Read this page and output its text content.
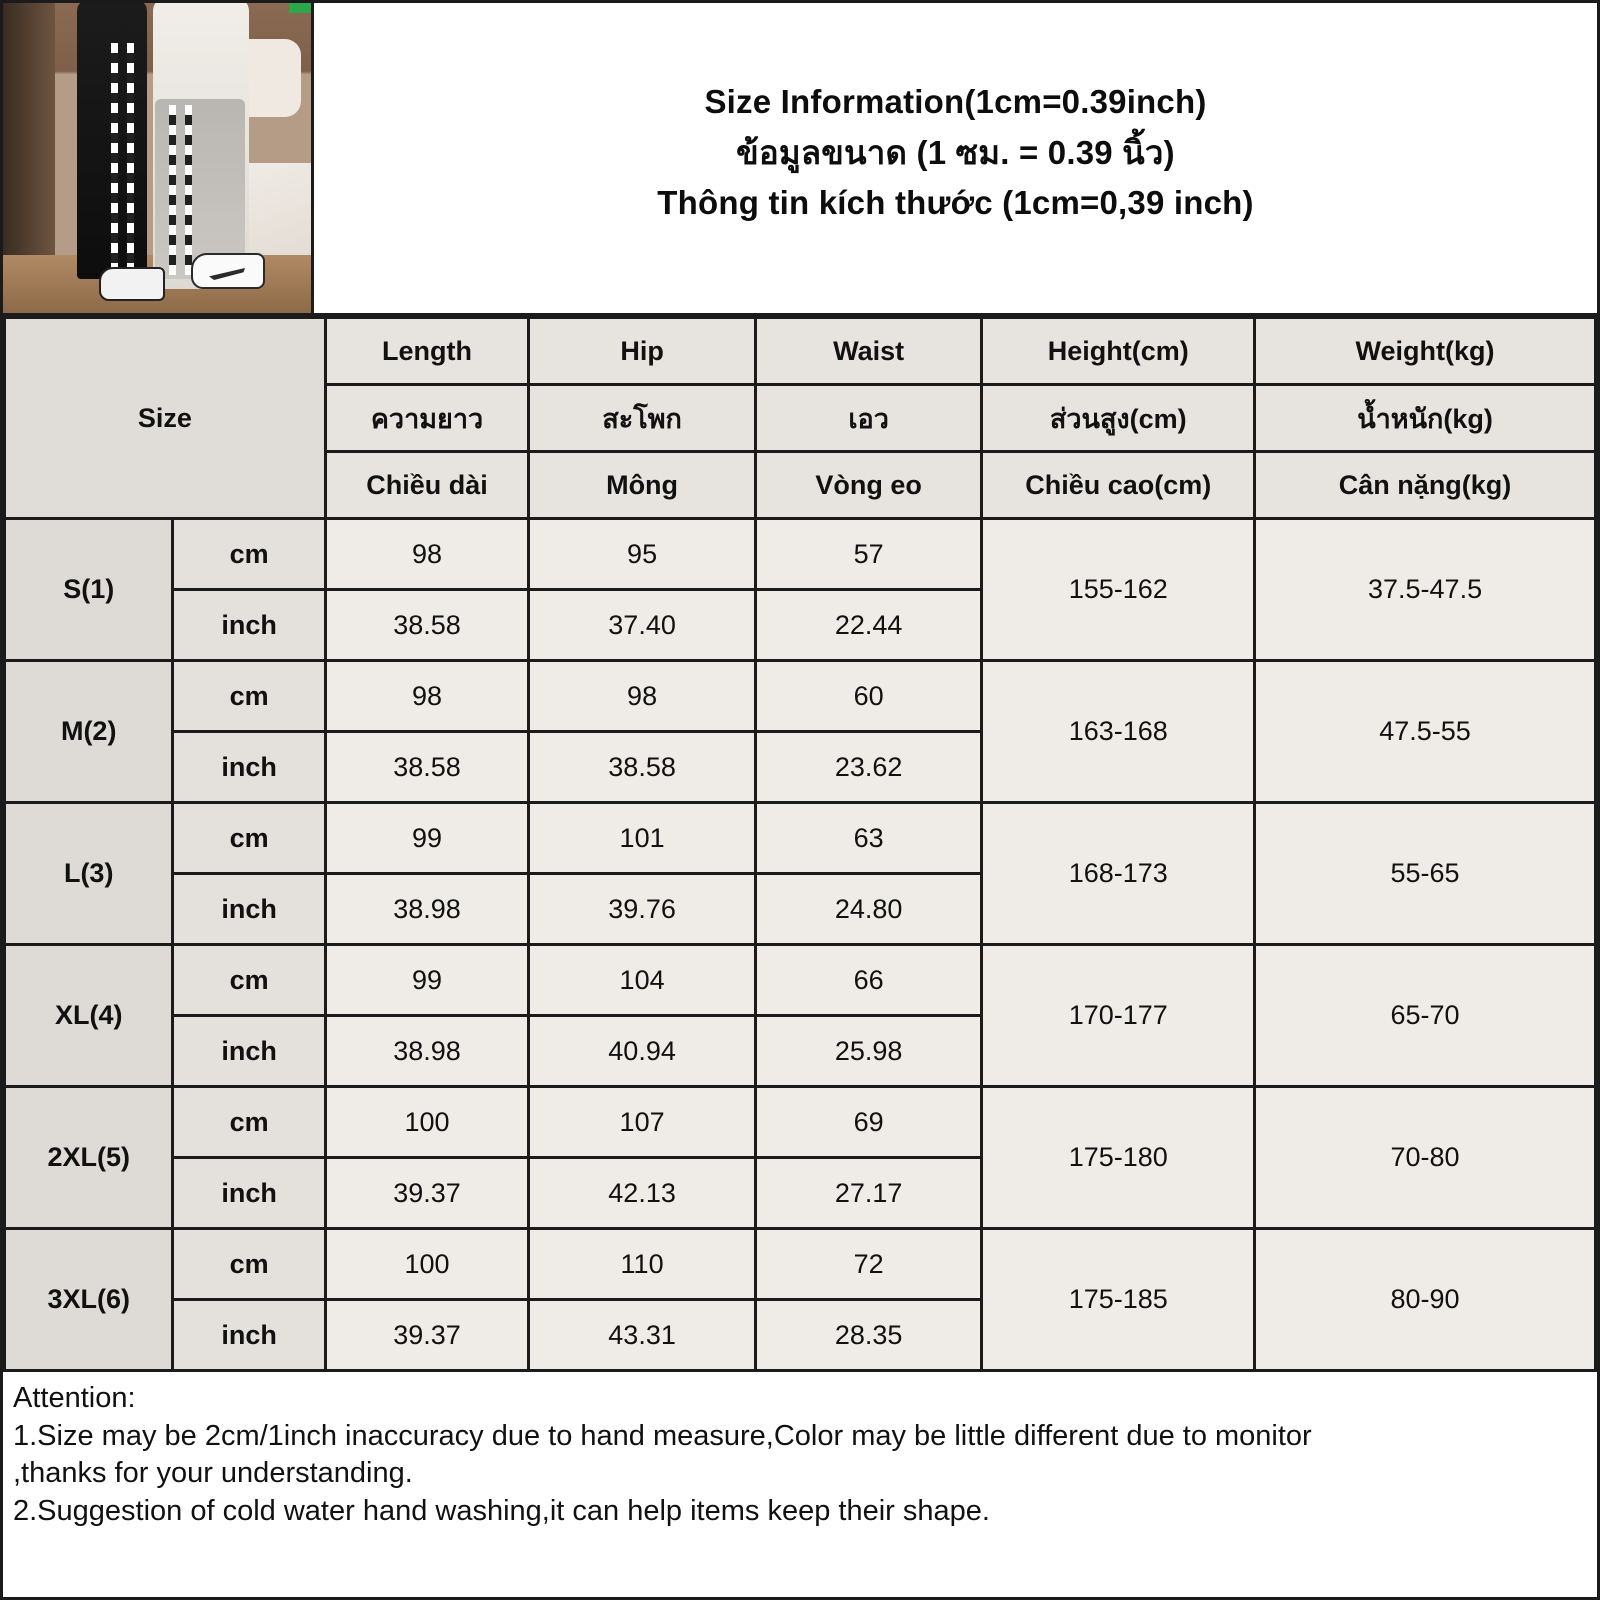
Size Information(1cm=0.39inch)
ข้อมูลขนาด (1 ซม. = 0.39 นิ้ว)
Thông tin kích thước (1cm=0,39 inch)
Size		Length	Hip	Waist	Height(cm)	Weight(kg)
		ความยาว	สะโพก	เอว	ส่วนสูง(cm)	น้ำหนัก(kg)
		Chiều dài	Mông	Vòng eo	Chiều cao(cm)	Cân nặng(kg)
S(1)	cm	98	95	57	155-162	37.5-47.5
	inch	38.58	37.40	22.44		
M(2)	cm	98	98	60	163-168	47.5-55
	inch	38.58	38.58	23.62		
L(3)	cm	99	101	63	168-173	55-65
	inch	38.98	39.76	24.80		
XL(4)	cm	99	104	66	170-177	65-70
	inch	38.98	40.94	25.98		
2XL(5)	cm	100	107	69	175-180	70-80
	inch	39.37	42.13	27.17		
3XL(6)	cm	100	110	72	175-185	80-90
	inch	39.37	43.31	28.35		
Attention:
1.Size may be 2cm/1inch inaccuracy due to hand measure,Color may be little different due to monitor
,thanks for your understanding.
2.Suggestion of cold water hand washing,it can help items keep their shape.
